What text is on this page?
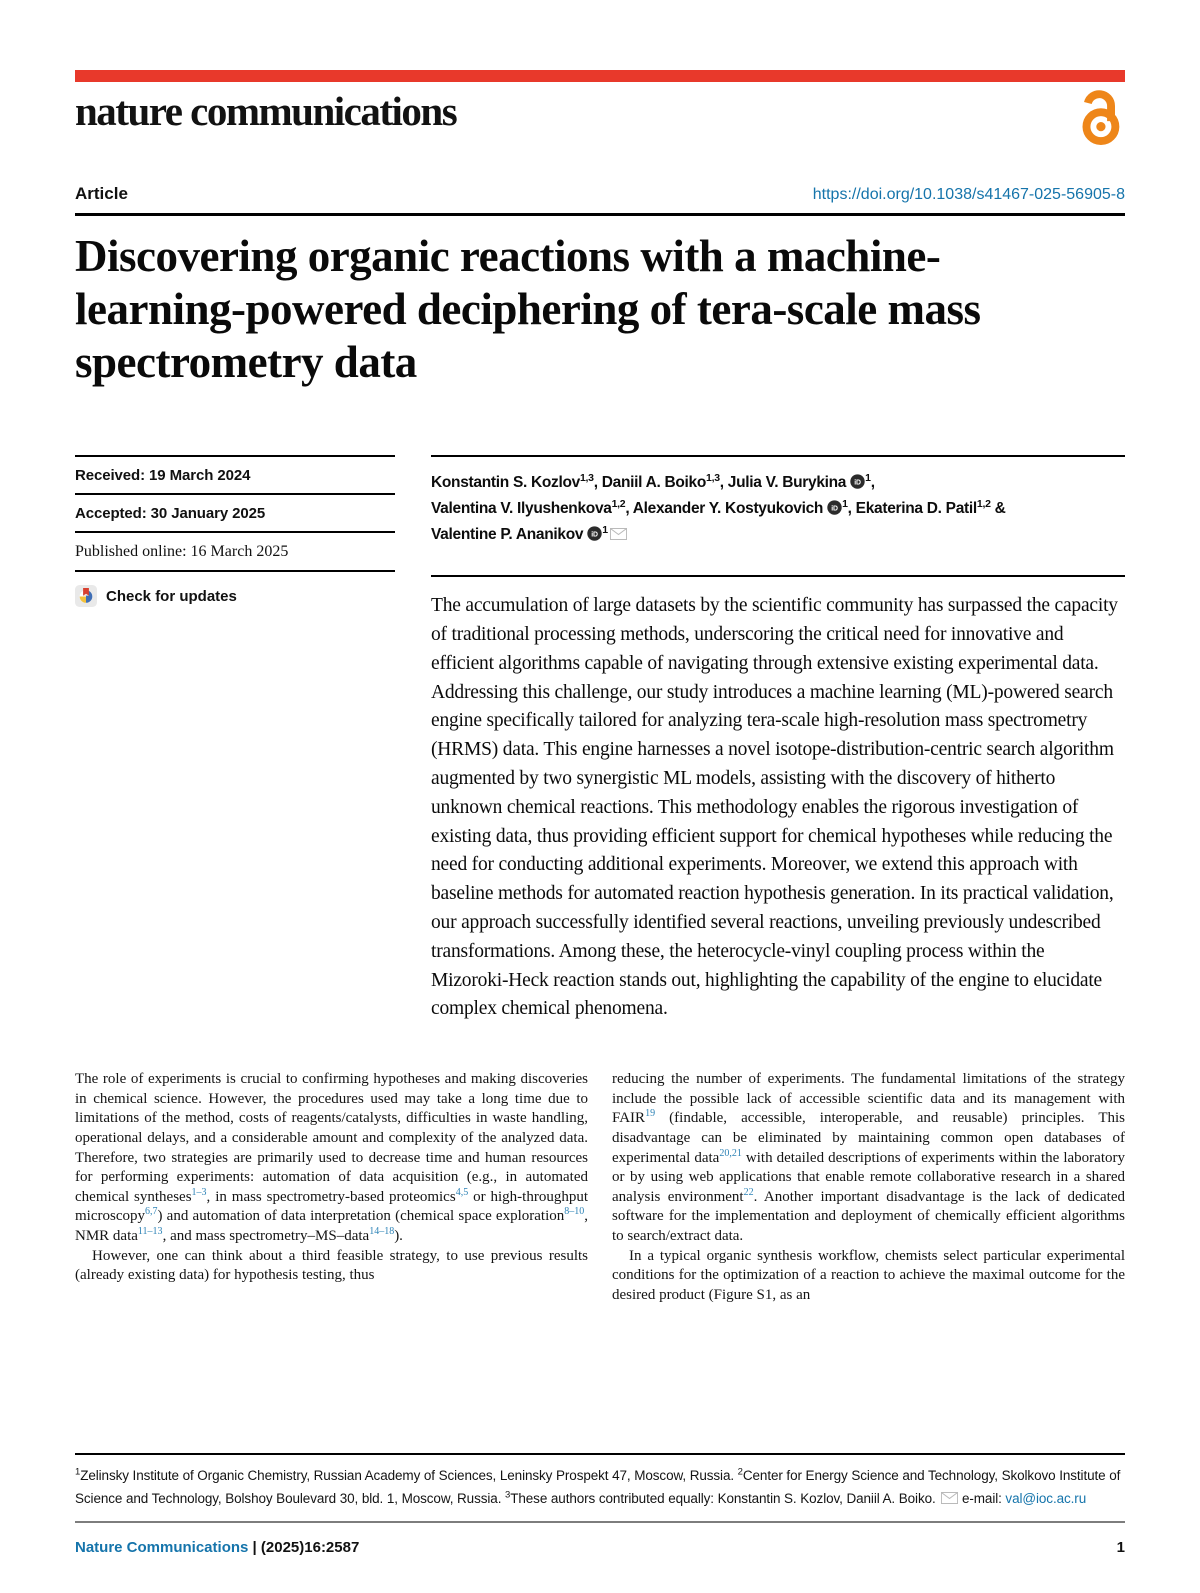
nature communications
Article	https://doi.org/10.1038/s41467-025-56905-8
Discovering organic reactions with a machine-learning-powered deciphering of tera-scale mass spectrometry data
Received: 19 March 2024
Accepted: 30 January 2025
Published online: 16 March 2025
Check for updates
Konstantin S. Kozlov$^{1,3}$, Daniil A. Boiko$^{1,3}$, Julia V. Burykina iD $^1$,
Valentina V. Ilyushenkova$^{1,2}$, Alexander Y. Kostyukovich iD $^1$, Ekaterina D. Patil$^{1,2}$ &
Valentine P. Ananikov iD $^1$
The accumulation of large datasets by the scientific community has surpassed the capacity of traditional processing methods, underscoring the critical need for innovative and efficient algorithms capable of navigating through extensive existing experimental data. Addressing this challenge, our study introduces a machine learning (ML)-powered search engine specifically tailored for analyzing tera-scale high-resolution mass spectrometry (HRMS) data. This engine harnesses a novel isotope-distribution-centric search algorithm augmented by two synergistic ML models, assisting with the discovery of hitherto unknown chemical reactions. This methodology enables the rigorous investigation of existing data, thus providing efficient support for chemical hypotheses while reducing the need for conducting additional experiments. Moreover, we extend this approach with baseline methods for automated reaction hypothesis generation. In its practical validation, our approach successfully identified several reactions, unveiling previously undescribed transformations. Among these, the heterocycle-vinyl coupling process within the Mizoroki-Heck reaction stands out, highlighting the capability of the engine to elucidate complex chemical phenomena.

The role of experiments is crucial to confirming hypotheses and making discoveries in chemical science. However, the procedures used may take a long time due to limitations of the method, costs of reagents/catalysts, difficulties in waste handling, operational delays, and a considerable amount and complexity of the analyzed data. Therefore, two strategies are primarily used to decrease time and human resources for performing experiments: automation of data acquisition (e.g., in automated chemical syntheses$^{1-3}$, in mass spectrometry-based proteomics$^{4,5}$ or high-throughput microscopy$^{6,7}$) and automation of data interpretation (chemical space exploration$^{8-10}$, NMR data$^{11-13}$, and mass spectrometry–MS–data$^{14-18}$).

However, one can think about a third feasible strategy, to use previous results (already existing data) for hypothesis testing, thus

reducing the number of experiments. The fundamental limitations of the strategy include the possible lack of accessible scientific data and its management with FAIR$^{19}$ (findable, accessible, interoperable, and reusable) principles. This disadvantage can be eliminated by maintaining common open databases of experimental data$^{20,21}$ with detailed descriptions of experiments within the laboratory or by using web applications that enable remote collaborative research in a shared analysis environment$^{22}$. Another important disadvantage is the lack of dedicated software for the implementation and deployment of chemically efficient algorithms to search/extract data.

In a typical organic synthesis workflow, chemists select particular experimental conditions for the optimization of a reaction to achieve the maximal outcome for the desired product (Figure S1, as an

$^1$Zelinsky Institute of Organic Chemistry, Russian Academy of Sciences, Leninsky Prospekt 47, Moscow, Russia. $^2$Center for Energy Science and Technology, Skolkovo Institute of Science and Technology, Bolshoy Boulevard 30, bld. 1, Moscow, Russia. $^3$These authors contributed equally: Konstantin S. Kozlov, Daniil A. Boiko.  e-mail: val@ioc.ac.ru
Nature Communications | (2025)16:2587	1
